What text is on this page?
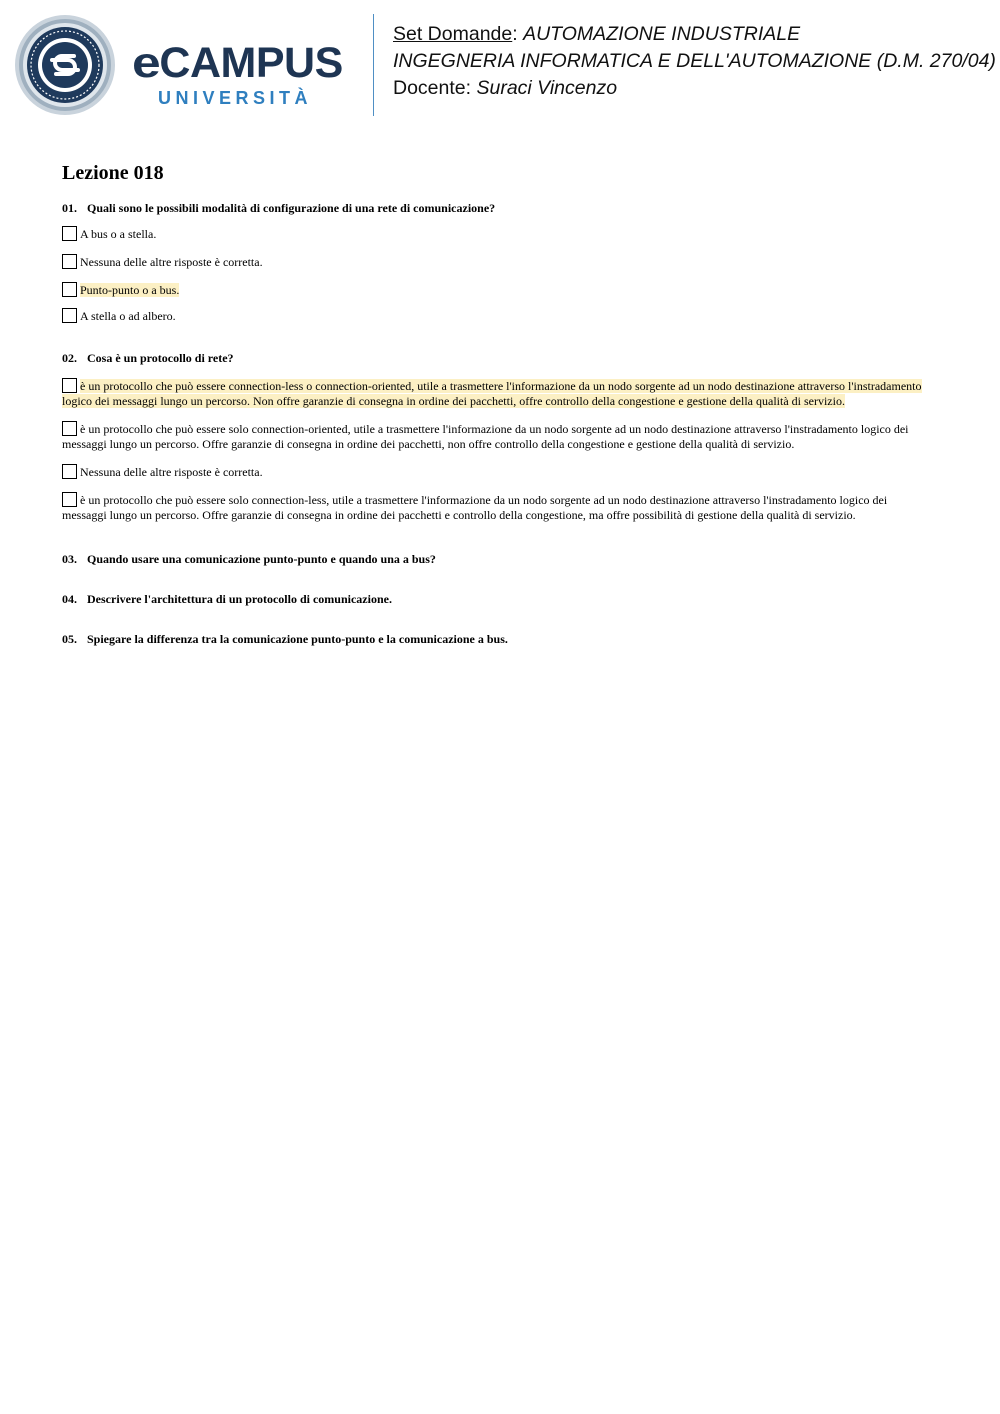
eCAMPUS
UNIVERSITÀ
Set Domande: AUTOMAZIONE INDUSTRIALE
INGEGNERIA INFORMATICA E DELL'AUTOMAZIONE (D.M. 270/04)
Docente: Suraci Vincenzo
Lezione 018
01. Quali sono le possibili modalità di configurazione di una rete di comunicazione?
A bus o a stella.
Nessuna delle altre risposte è corretta.
Punto-punto o a bus.
A stella o ad albero.
02. Cosa è un protocollo di rete?
è un protocollo che può essere connection-less o connection-oriented, utile a trasmettere l'informazione da un nodo sorgente ad un nodo destinazione attraverso l'instradamento logico dei messaggi lungo un percorso. Non offre garanzie di consegna in ordine dei pacchetti, offre controllo della congestione e gestione della qualità di servizio.
è un protocollo che può essere solo connection-oriented, utile a trasmettere l'informazione da un nodo sorgente ad un nodo destinazione attraverso l'instradamento logico dei messaggi lungo un percorso. Offre garanzie di consegna in ordine dei pacchetti, non offre controllo della congestione e gestione della qualità di servizio.
Nessuna delle altre risposte è corretta.
è un protocollo che può essere solo connection-less, utile a trasmettere l'informazione da un nodo sorgente ad un nodo destinazione attraverso l'instradamento logico dei messaggi lungo un percorso. Offre garanzie di consegna in ordine dei pacchetti e controllo della congestione, ma offre possibilità di gestione della qualità di servizio.
03. Quando usare una comunicazione punto-punto e quando una a bus?
04. Descrivere l'architettura di un protocollo di comunicazione.
05. Spiegare la differenza tra la comunicazione punto-punto e la comunicazione a bus.
